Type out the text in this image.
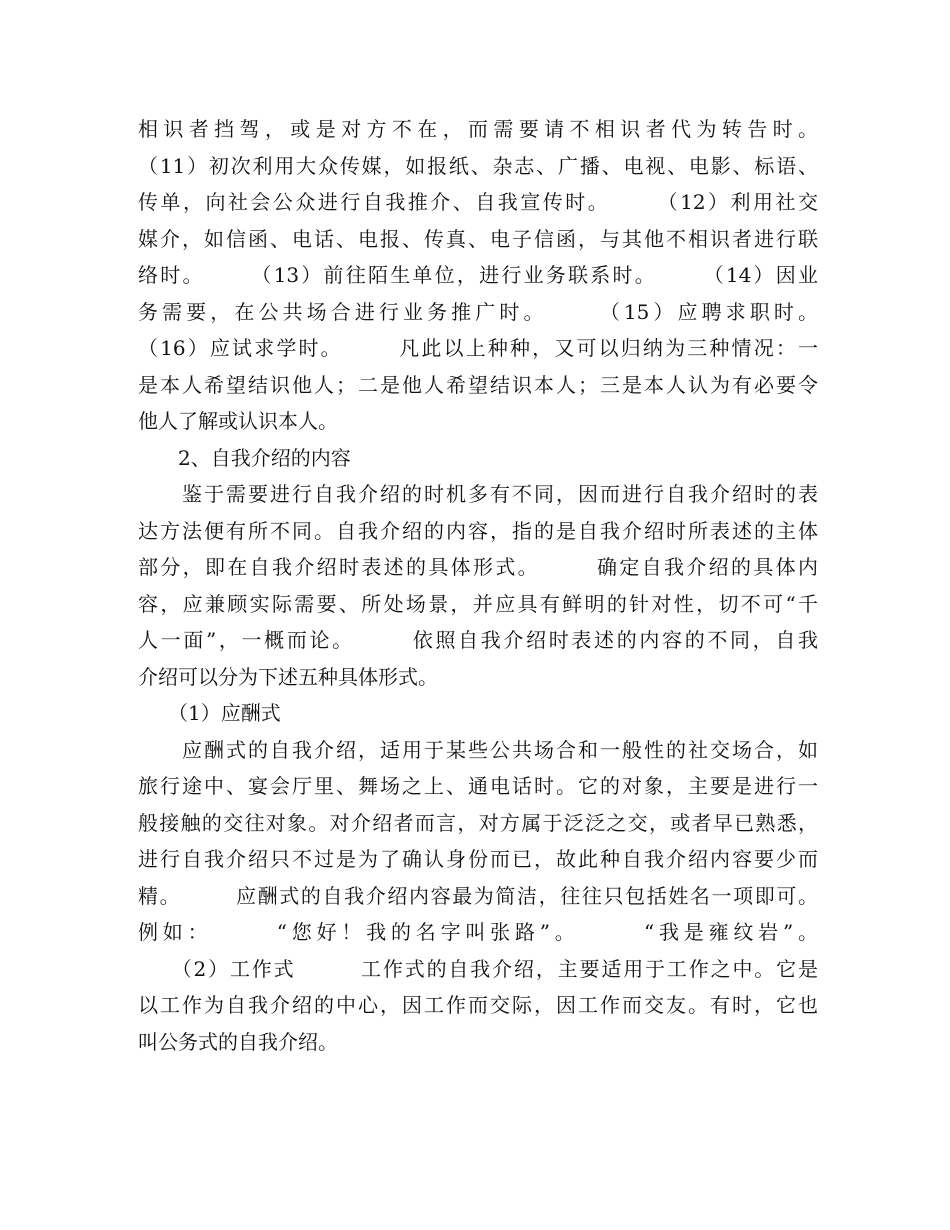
相识者挡驾，或是对方不在，而需要请不相识者代为转告时。
（11）初次利用大众传媒，如报纸、杂志、广播、电视、电影、标语、
传单，向社会公众进行自我推介、自我宣传时。　　　（12）利用社交
媒介，如信函、电话、电报、传真、电子信函，与其他不相识者进行联
络时。　　　（13）前往陌生单位，进行业务联系时。　　　（14）因业
务需要，在公共场合进行业务推广时。　　　（15）应聘求职时。
（16）应试求学时。　　　凡此以上种种，又可以归纳为三种情况：一
是本人希望结识他人；二是他人希望结识本人；三是本人认为有必要令
他人了解或认识本人。
　　2、自我介绍的内容
　　鉴于需要进行自我介绍的时机多有不同，因而进行自我介绍时的表
达方法便有所不同。自我介绍的内容，指的是自我介绍时所表述的主体
部分，即在自我介绍时表述的具体形式。　　　确定自我介绍的具体内
容，应兼顾实际需要、所处场景，并应具有鲜明的针对性，切不可“千
人一面”，一概而论。　　　依照自我介绍时表述的内容的不同，自我
介绍可以分为下述五种具体形式。
　　（1）应酬式
　　应酬式的自我介绍，适用于某些公共场合和一般性的社交场合，如
旅行途中、宴会厅里、舞场之上、通电话时。它的对象，主要是进行一
般接触的交往对象。对介绍者而言，对方属于泛泛之交，或者早已熟悉，
进行自我介绍只不过是为了确认身份而已，故此种自我介绍内容要少而
精。　　　应酬式的自我介绍内容最为简洁，往往只包括姓名一项即可。
例如：　　　“您好！我的名字叫张路”。　　　“我是雍纹岩”。
　　（2）工作式　　　工作式的自我介绍，主要适用于工作之中。它是
以工作为自我介绍的中心，因工作而交际，因工作而交友。有时，它也
叫公务式的自我介绍。
